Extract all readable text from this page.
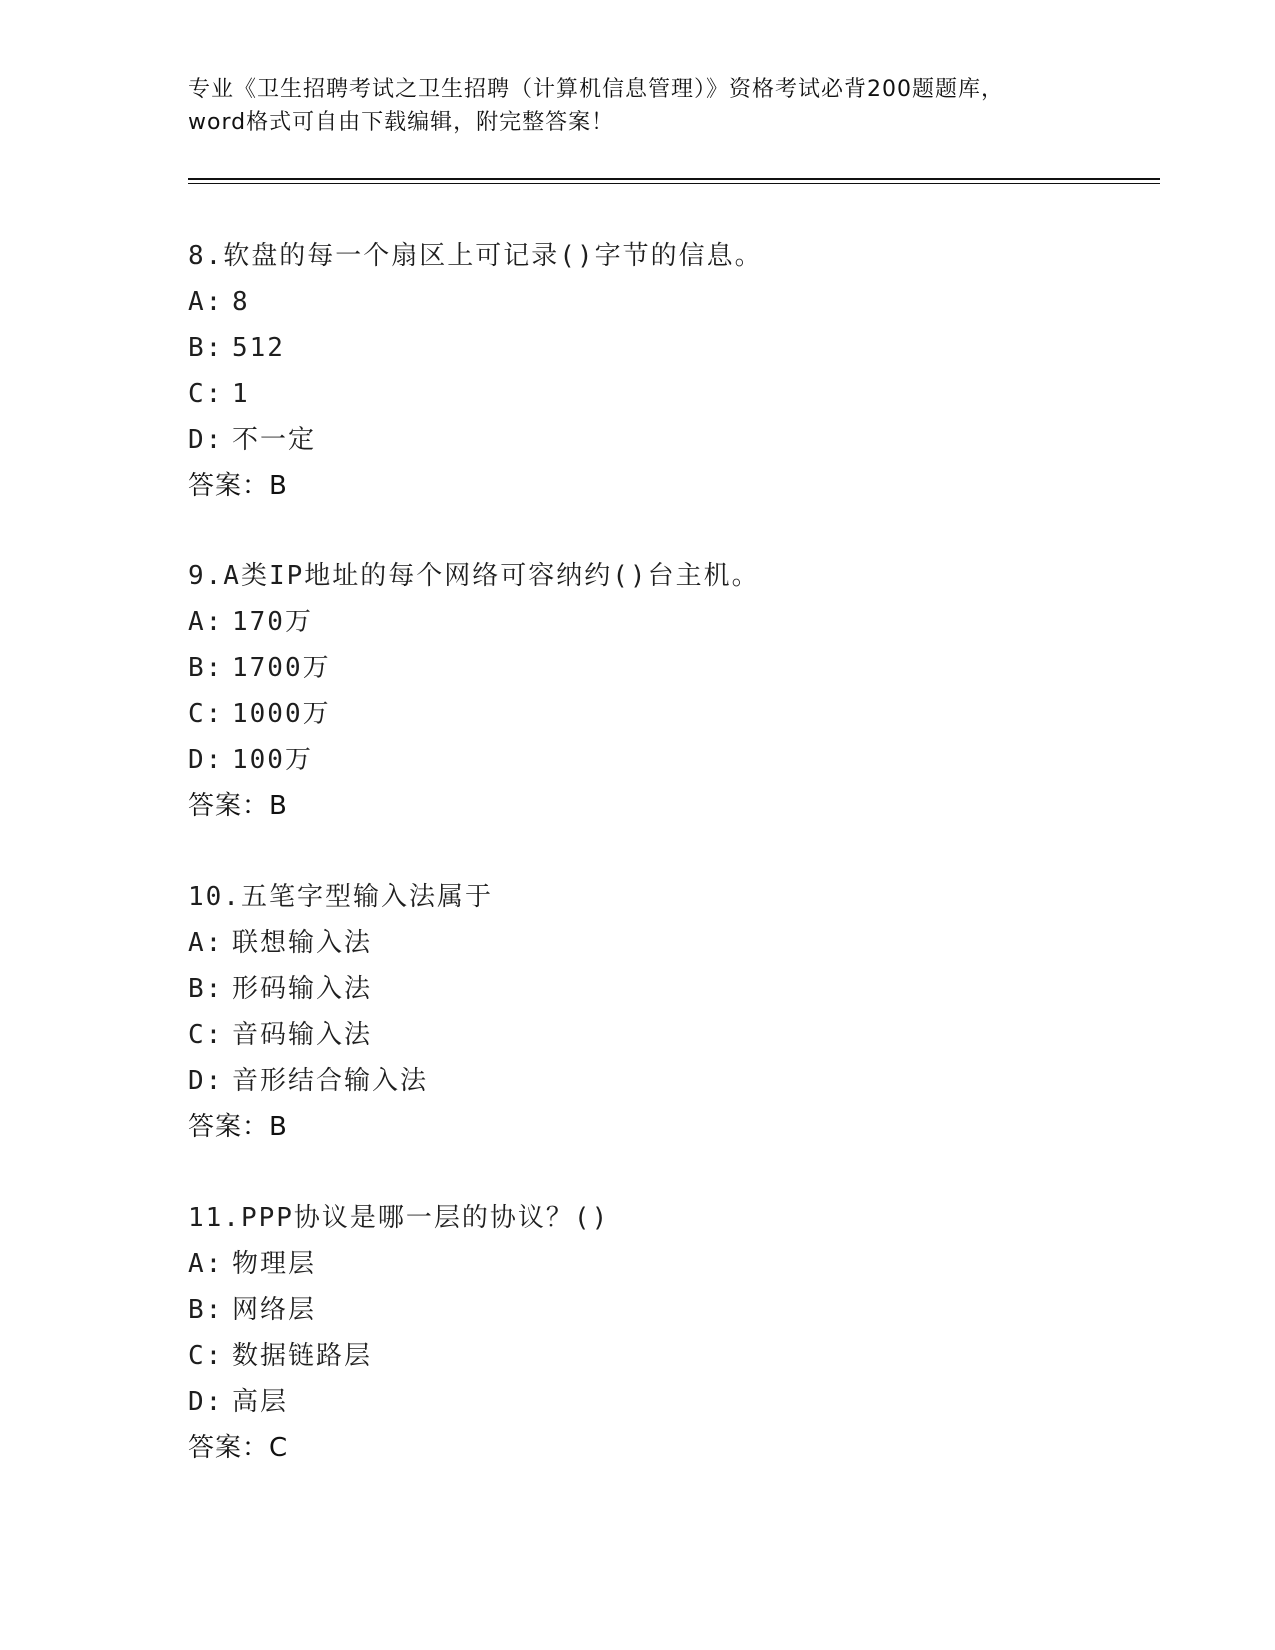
专业《卫生招聘考试之卫生招聘（计算机信息管理）》资格考试必背200题题库，
word格式可自由下载编辑，附完整答案！
8.软盘的每一个扇区上可记录()字节的信息。
A: 8
B: 512
C: 1
D: 不一定
答案：B
9.A类IP地址的每个网络可容纳约()台主机。
A: 170万
B: 1700万
C: 1000万
D: 100万
答案：B
10.五笔字型输入法属于
A: 联想输入法
B: 形码输入法
C: 音码输入法
D: 音形结合输入法
答案：B
11.PPP协议是哪一层的协议？()
A: 物理层
B: 网络层
C: 数据链路层
D: 高层
答案：C
